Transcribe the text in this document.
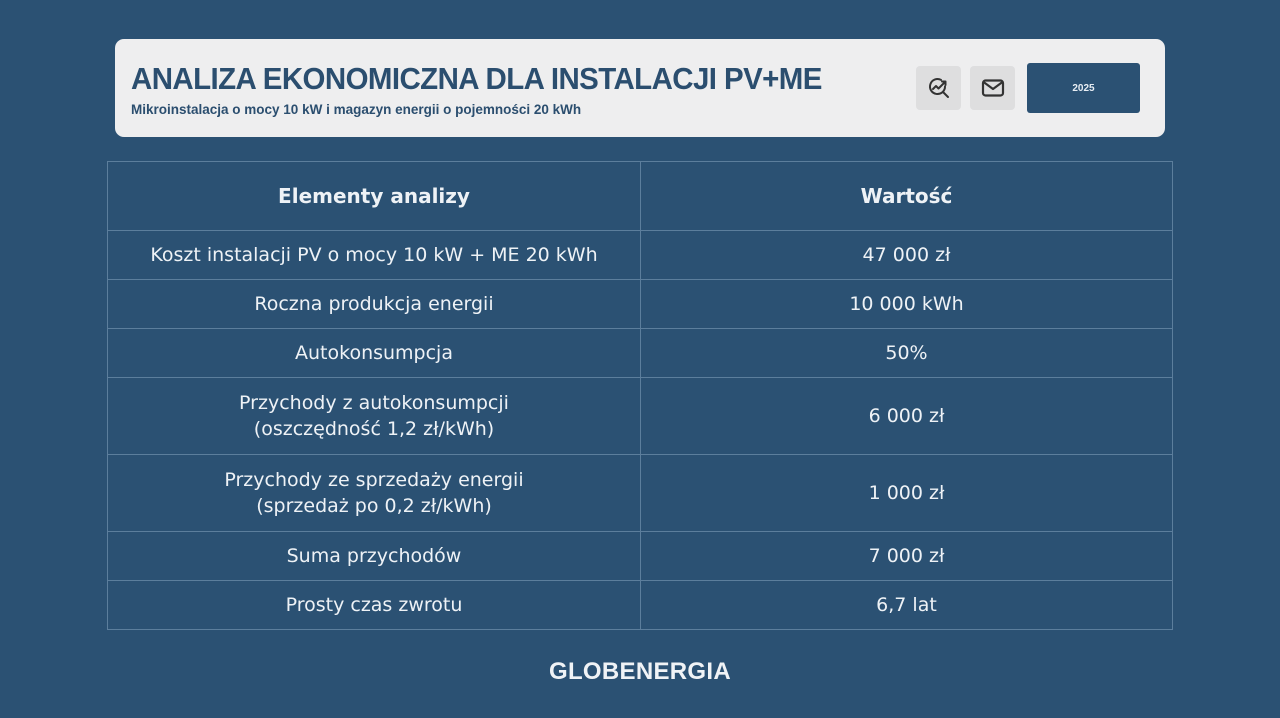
ANALIZA EKONOMICZNA DLA INSTALACJI PV+ME
Mikroinstalacja o mocy 10 kW i magazyn energii o pojemności 20 kWh
2025
Elementy analizy	Wartość
Koszt instalacji PV o mocy 10 kW + ME 20 kWh	47 000 zł
Roczna produkcja energii	10 000 kWh
Autokonsumpcja	50%

Przychody z autokonsumpcji
(oszczędność 1,2 zł/kWh)	6 000 zł

Przychody ze sprzedaży energii
(sprzedaż po 0,2 zł/kWh)	1 000 zł
Suma przychodów	7 000 zł
Prosty czas zwrotu	6,7 lat
GLOBENERGIA
